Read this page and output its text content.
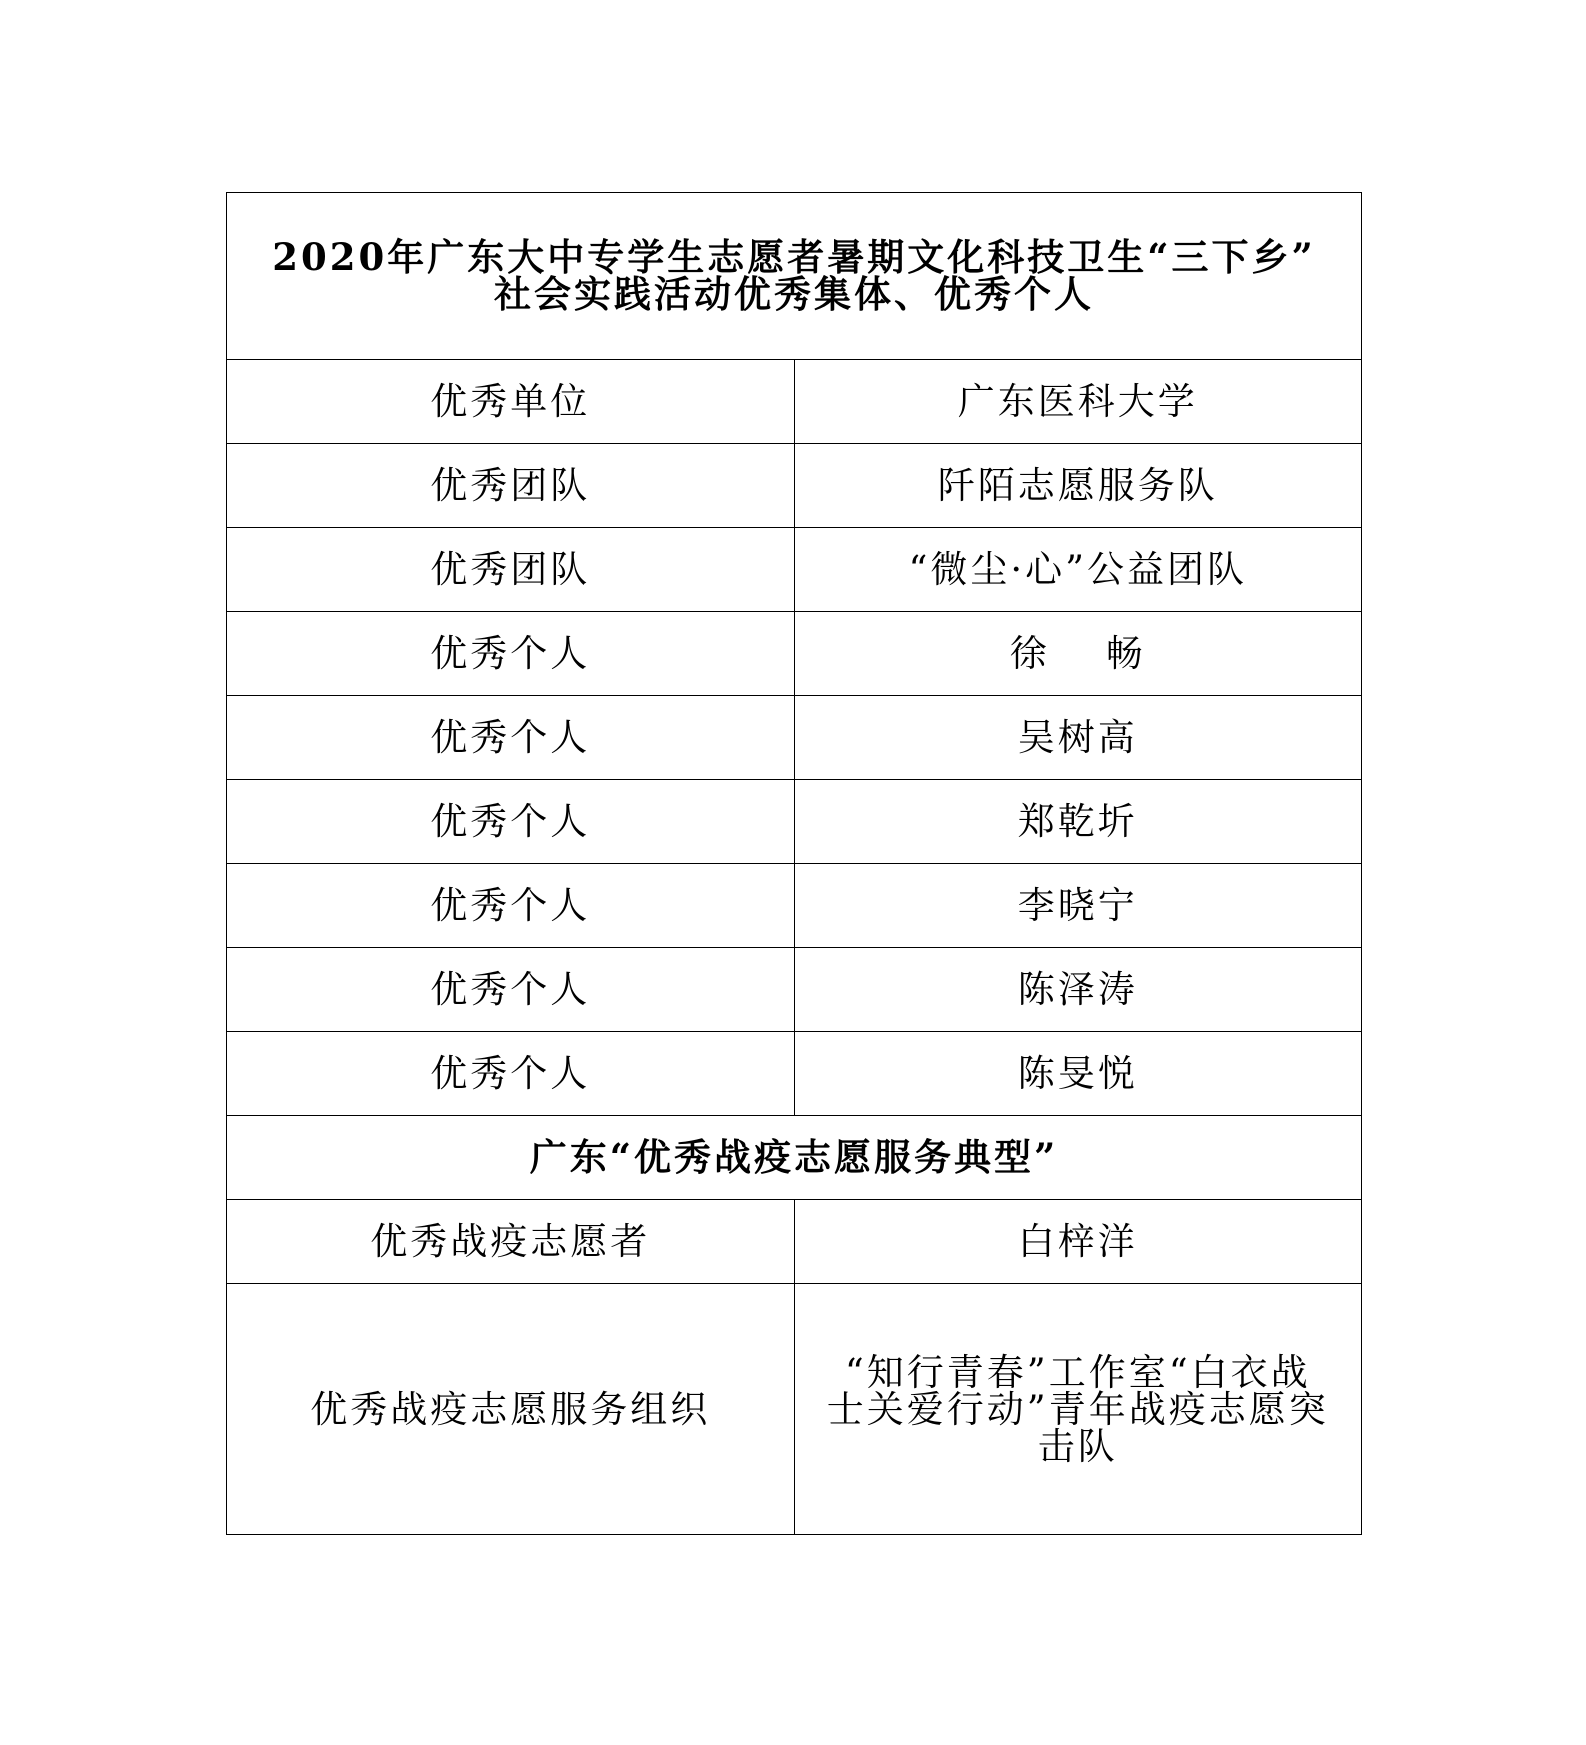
2020年广东大中专学生志愿者暑期文化科技卫生“三下乡”
社会实践活动优秀集体、优秀个人	

优秀单位	广东医科大学
优秀团队	阡陌志愿服务队
优秀团队	“微尘·心”公益团队
优秀个人	徐 畅
优秀个人	吴树高
优秀个人	郑乾圻
优秀个人	李晓宁
优秀个人	陈泽涛
优秀个人	陈旻悦
广东“优秀战疫志愿服务典型”	
优秀战疫志愿者	白梓洋
优秀战疫志愿服务组织	“知行青春”工作室“白衣战
士关爱行动”青年战疫志愿突
击队
